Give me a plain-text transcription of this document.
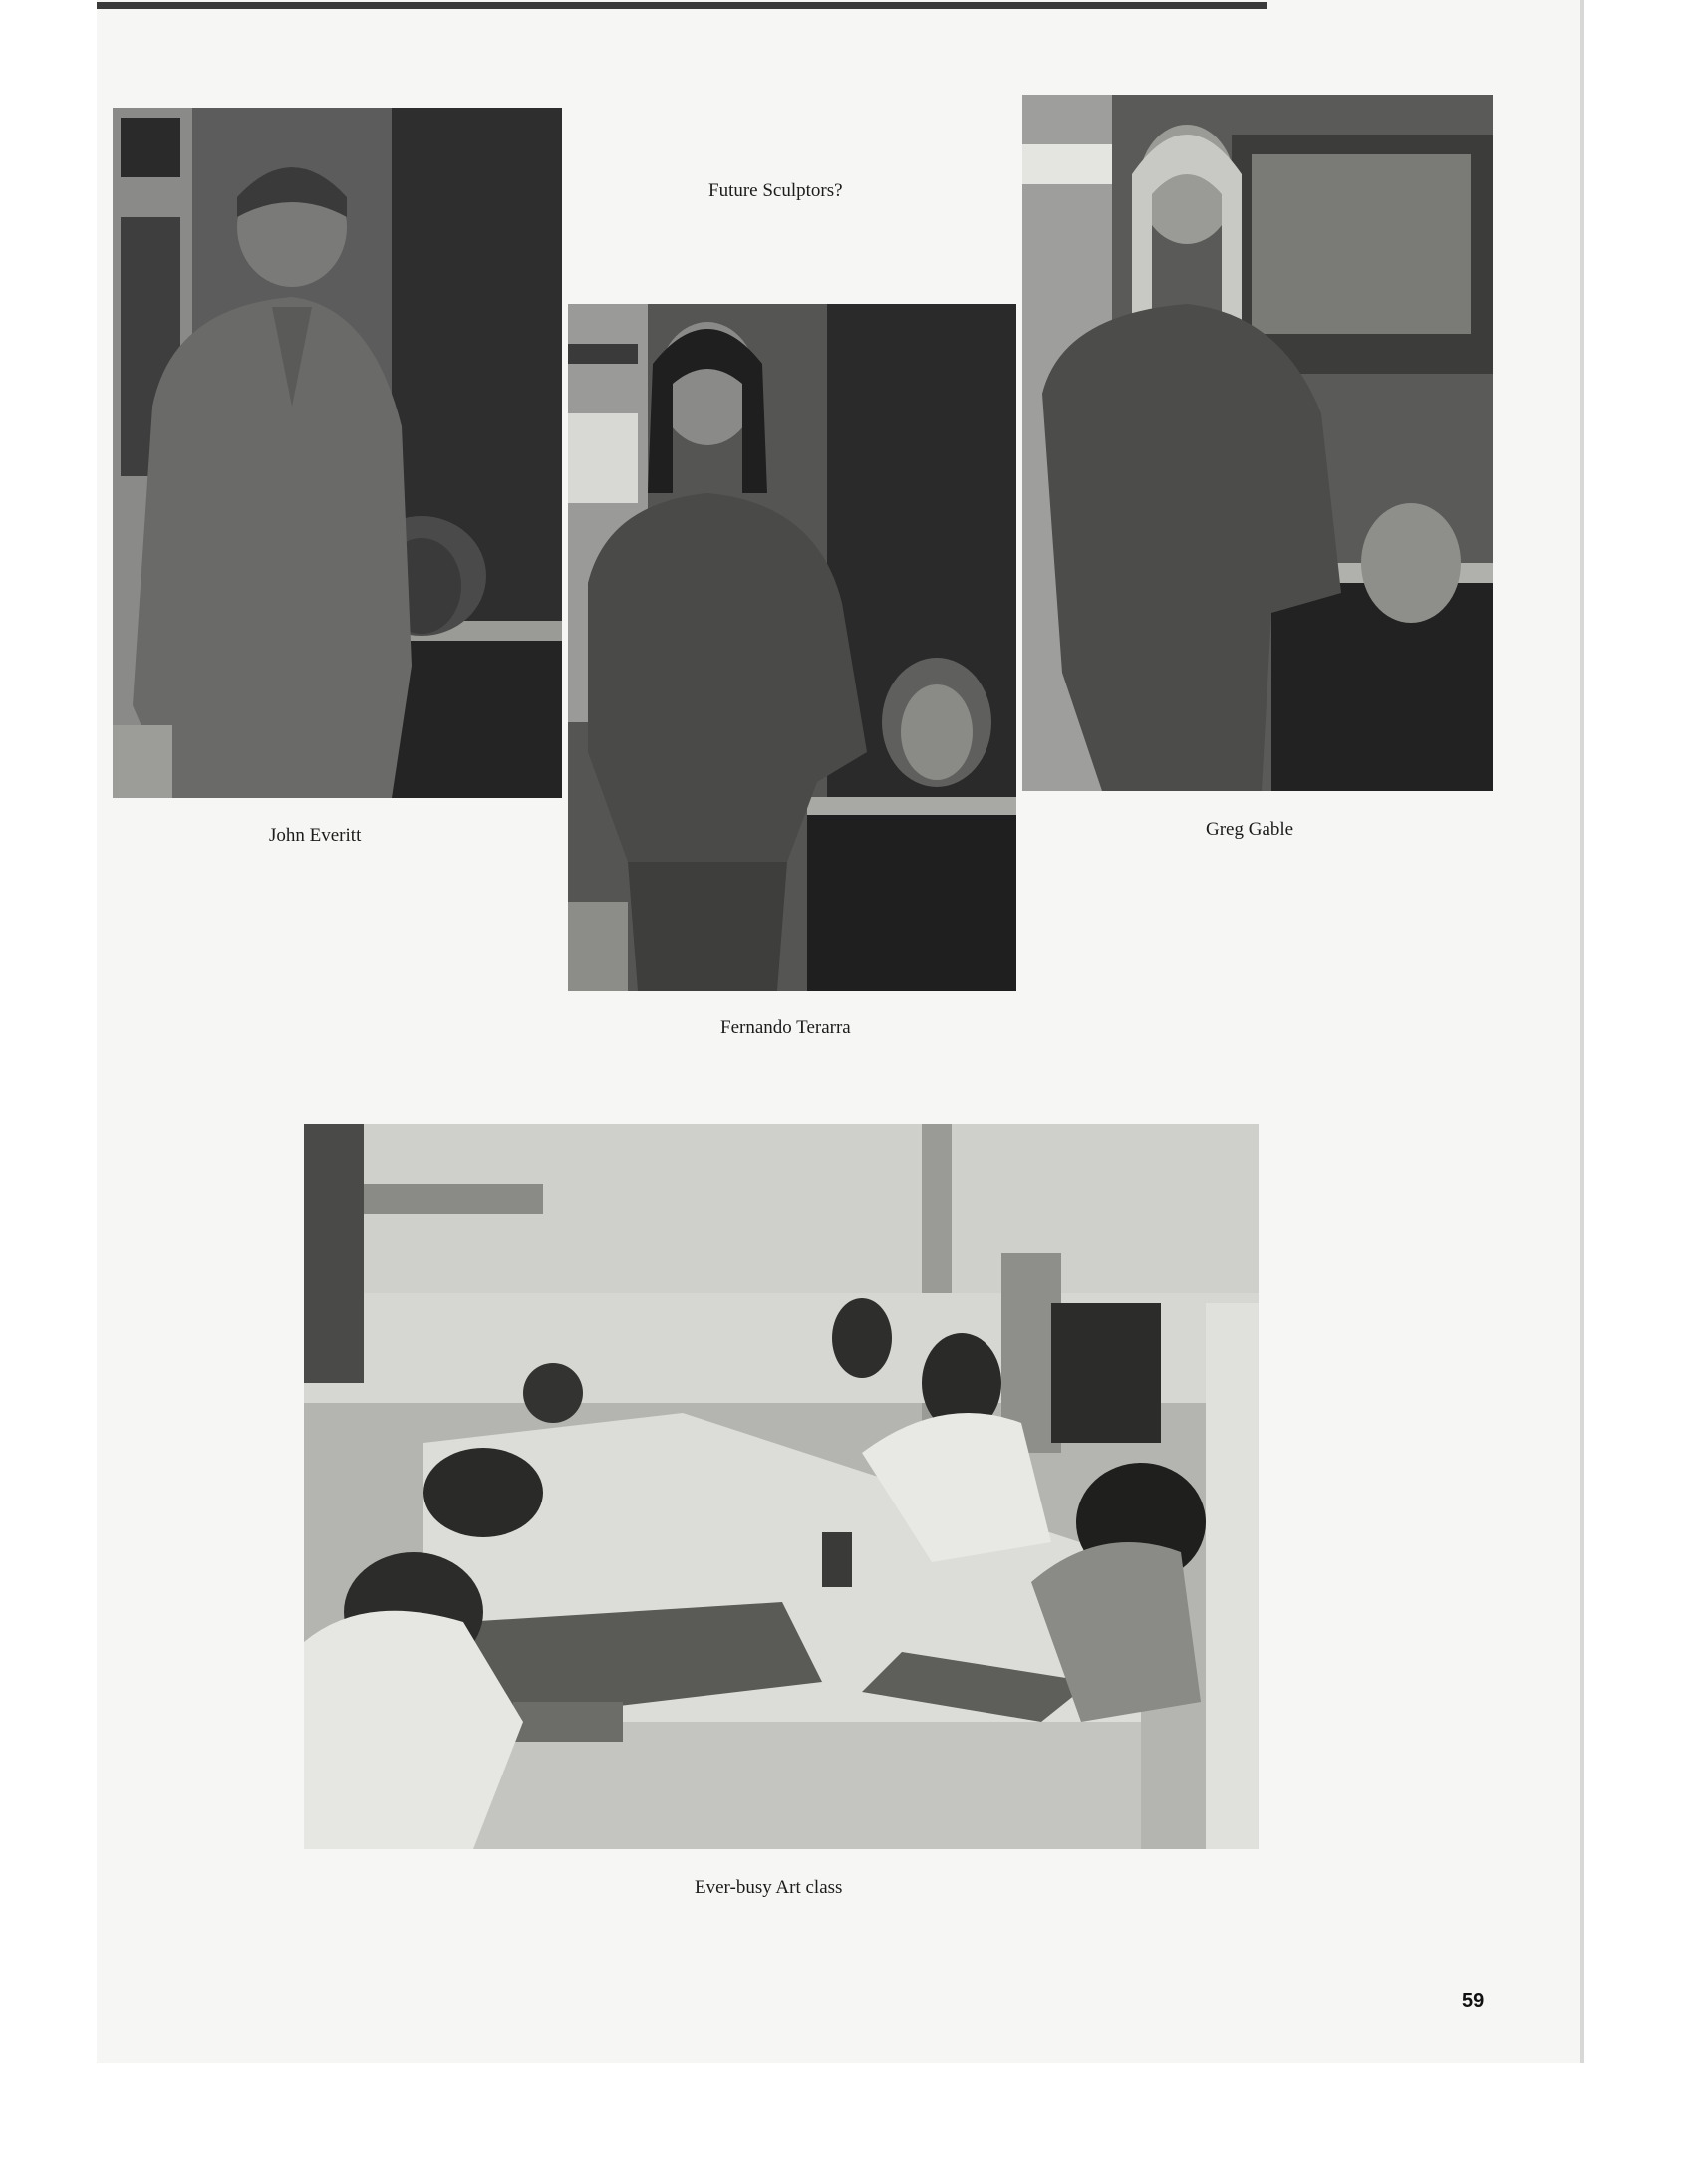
Future Sculptors?
John Everitt	Greg Gable
Fernando Terarra
Ever-busy Art class
59
